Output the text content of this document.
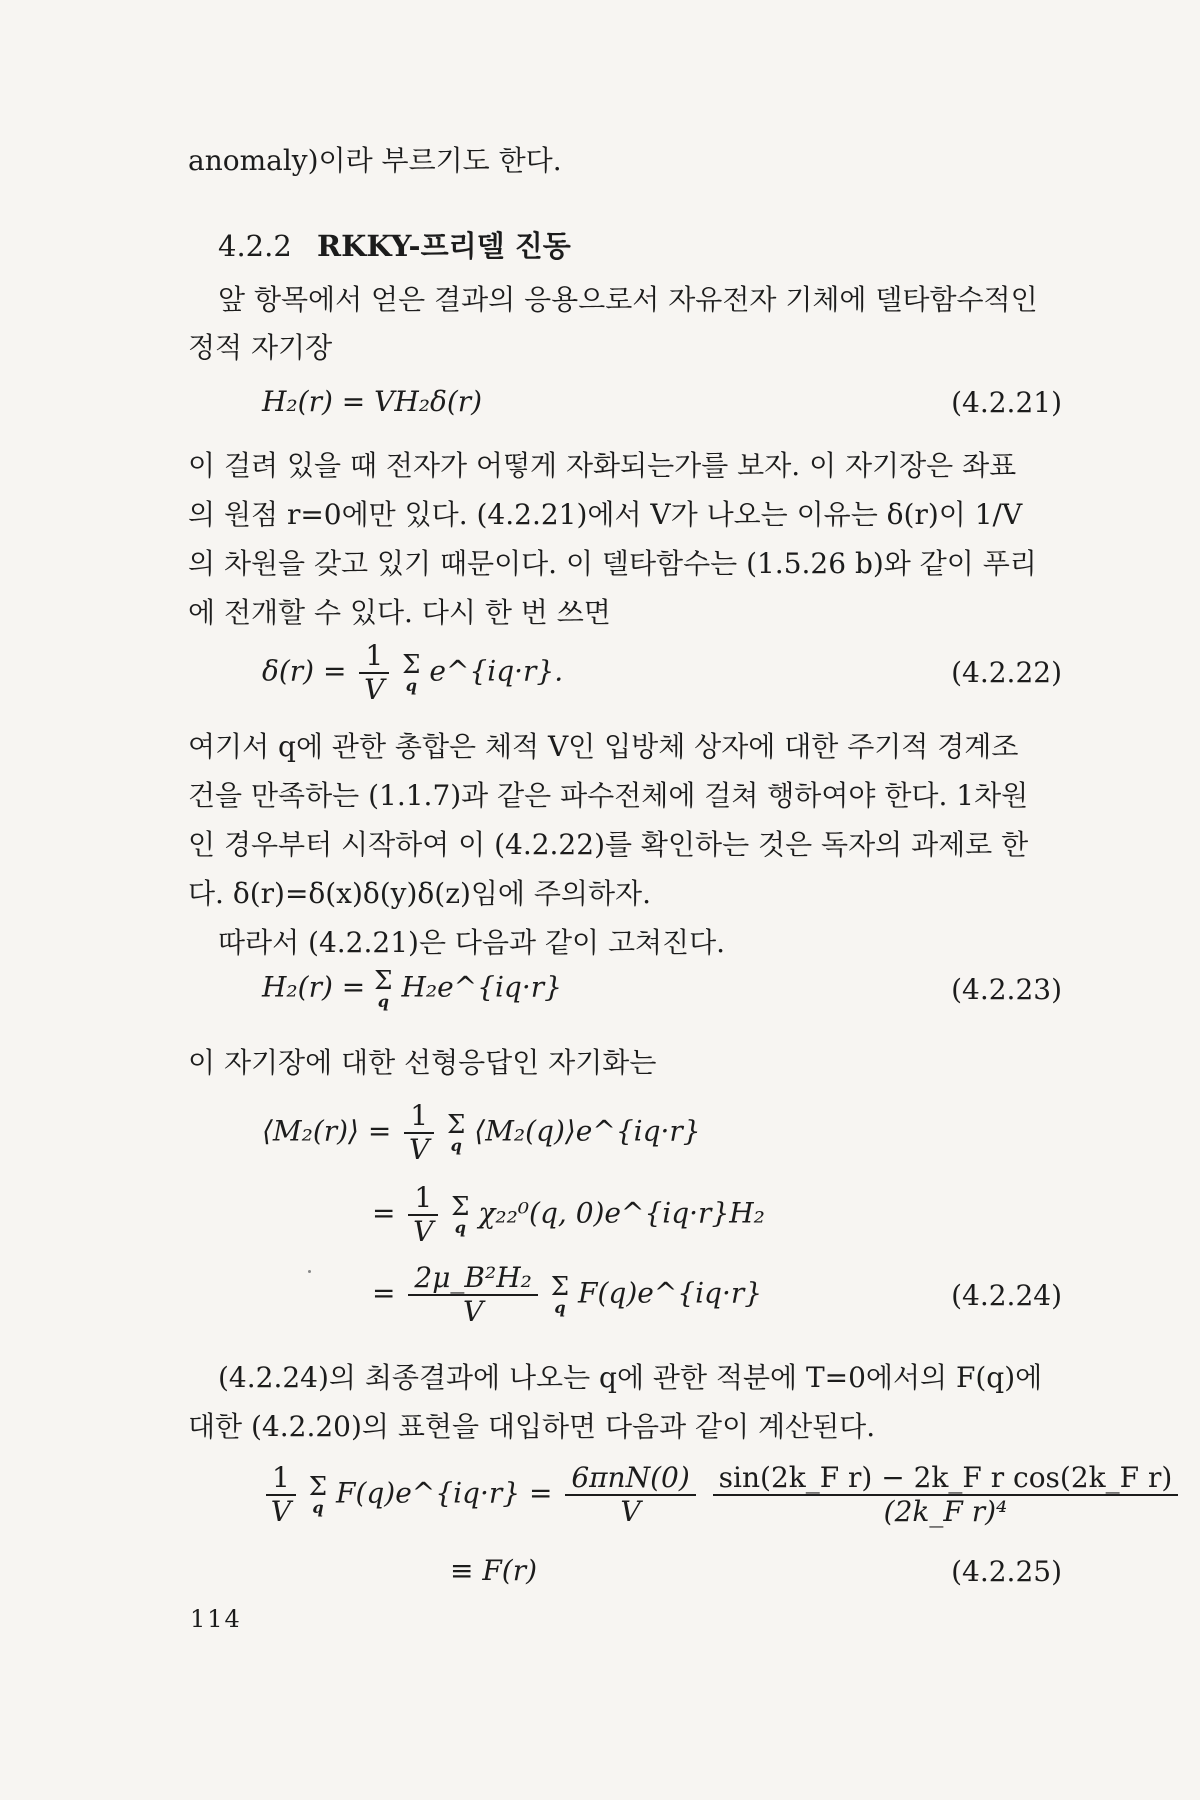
anomaly)이라 부르기도 한다.
4.2.2 RKKY-프리델 진동
앞 항목에서 얻은 결과의 응용으로서 자유전자 기체에 델타함수적인
정적 자기장
H₂(r) = VH₂δ(r)	(4.2.21)
이 걸려 있을 때 전자가 어떻게 자화되는가를 보자. 이 자기장은 좌표
의 원점 r=0에만 있다. (4.2.21)에서 V가 나오는 이유는 δ(r)이 1/V
의 차원을 갖고 있기 때문이다. 이 델타함수는 (1.5.26 b)와 같이 푸리
에 전개할 수 있다. 다시 한 번 쓰면
$\delta(r) = \frac{1}{V}$
Σ
q e^{iq·r}.	(4.2.22)
여기서 q에 관한 총합은 체적 V인 입방체 상자에 대한 주기적 경계조
건을 만족하는 (1.1.7)과 같은 파수전체에 걸쳐 행하여야 한다. 1차원
인 경우부터 시작하여 이 (4.2.22)를 확인하는 것은 독자의 과제로 한
다. δ(r)=δ(x)δ(y)δ(z)임에 주의하자.
따라서 (4.2.21)은 다음과 같이 고쳐진다.
H₂(r) = Σ
q H₂e^{iq·r}	(4.2.23)
이 자기장에 대한 선형응답인 자기화는
⟨M₂(r)⟩ = $\frac{1}{V}$
Σ
q ⟨M₂(q)⟩e^{iq·r}
= $\frac{1}{V}$
Σ
q χ₂₂⁰(q, 0)e^{iq·r}H₂
= $\frac{\text{2μ\_B²H₂}}{V}$
Σ
q F(q)e^{iq·r}	(4.2.24)
(4.2.24)의 최종결과에 나오는 q에 관한 적분에 T=0에서의 F(q)에
대한 (4.2.20)의 표현을 대입하면 다음과 같이 계산된다.
$\frac{1}{V}$
Σ
q F(q)e^{iq·r} = $\frac{\text{6πnN(0)}}{V}$
$\frac{\text{sin(2k\_F r) − 2k\_F r cos(2k\_F r)}}{\text{(2k\_F r)⁴}}$
≡ F(r)	(4.2.25)
114
